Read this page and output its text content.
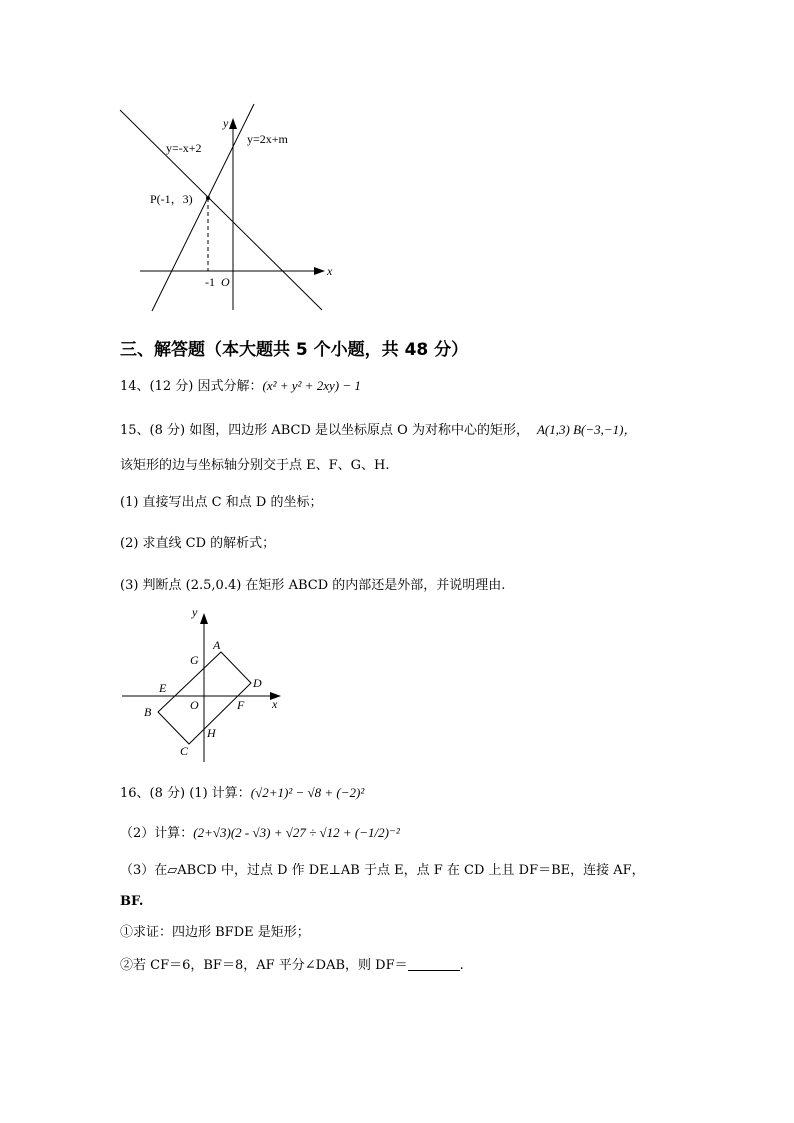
y=-x+2
y=2x+m
P(-1，3)
y
x
-1 O
三、解答题（本大题共 5 个小题，共 48 分）
14、(12 分) 因式分解：(x² + y² + 2xy) − 1
15、(8 分) 如图，四边形 ABCD 是以坐标原点 O 为对称中心的矩形， A(1,3) B(−3,−1)，
该矩形的边与坐标轴分别交于点 E、F、G、H.
(1) 直接写出点 C 和点 D 的坐标；
(2) 求直线 CD 的解析式；
(3) 判断点 (2.5,0.4) 在矩形 ABCD 的内部还是外部，并说明理由.
A
B
C
D
E
F
G
H
O	x
y
16、(8 分) (1) 计算：(√2+1)² − √8 + (−2)²
（2）计算：(2+√3)(2 - √3) + √27 ÷ √12 + (−1/2)⁻²
（3）在▱ABCD 中，过点 D 作 DE⊥AB 于点 E，点 F 在 CD 上且 DF＝BE，连接 AF，
BF.
①求证：四边形 BFDE 是矩形；
②若 CF＝6，BF＝8，AF 平分∠DAB，则 DF＝	.
